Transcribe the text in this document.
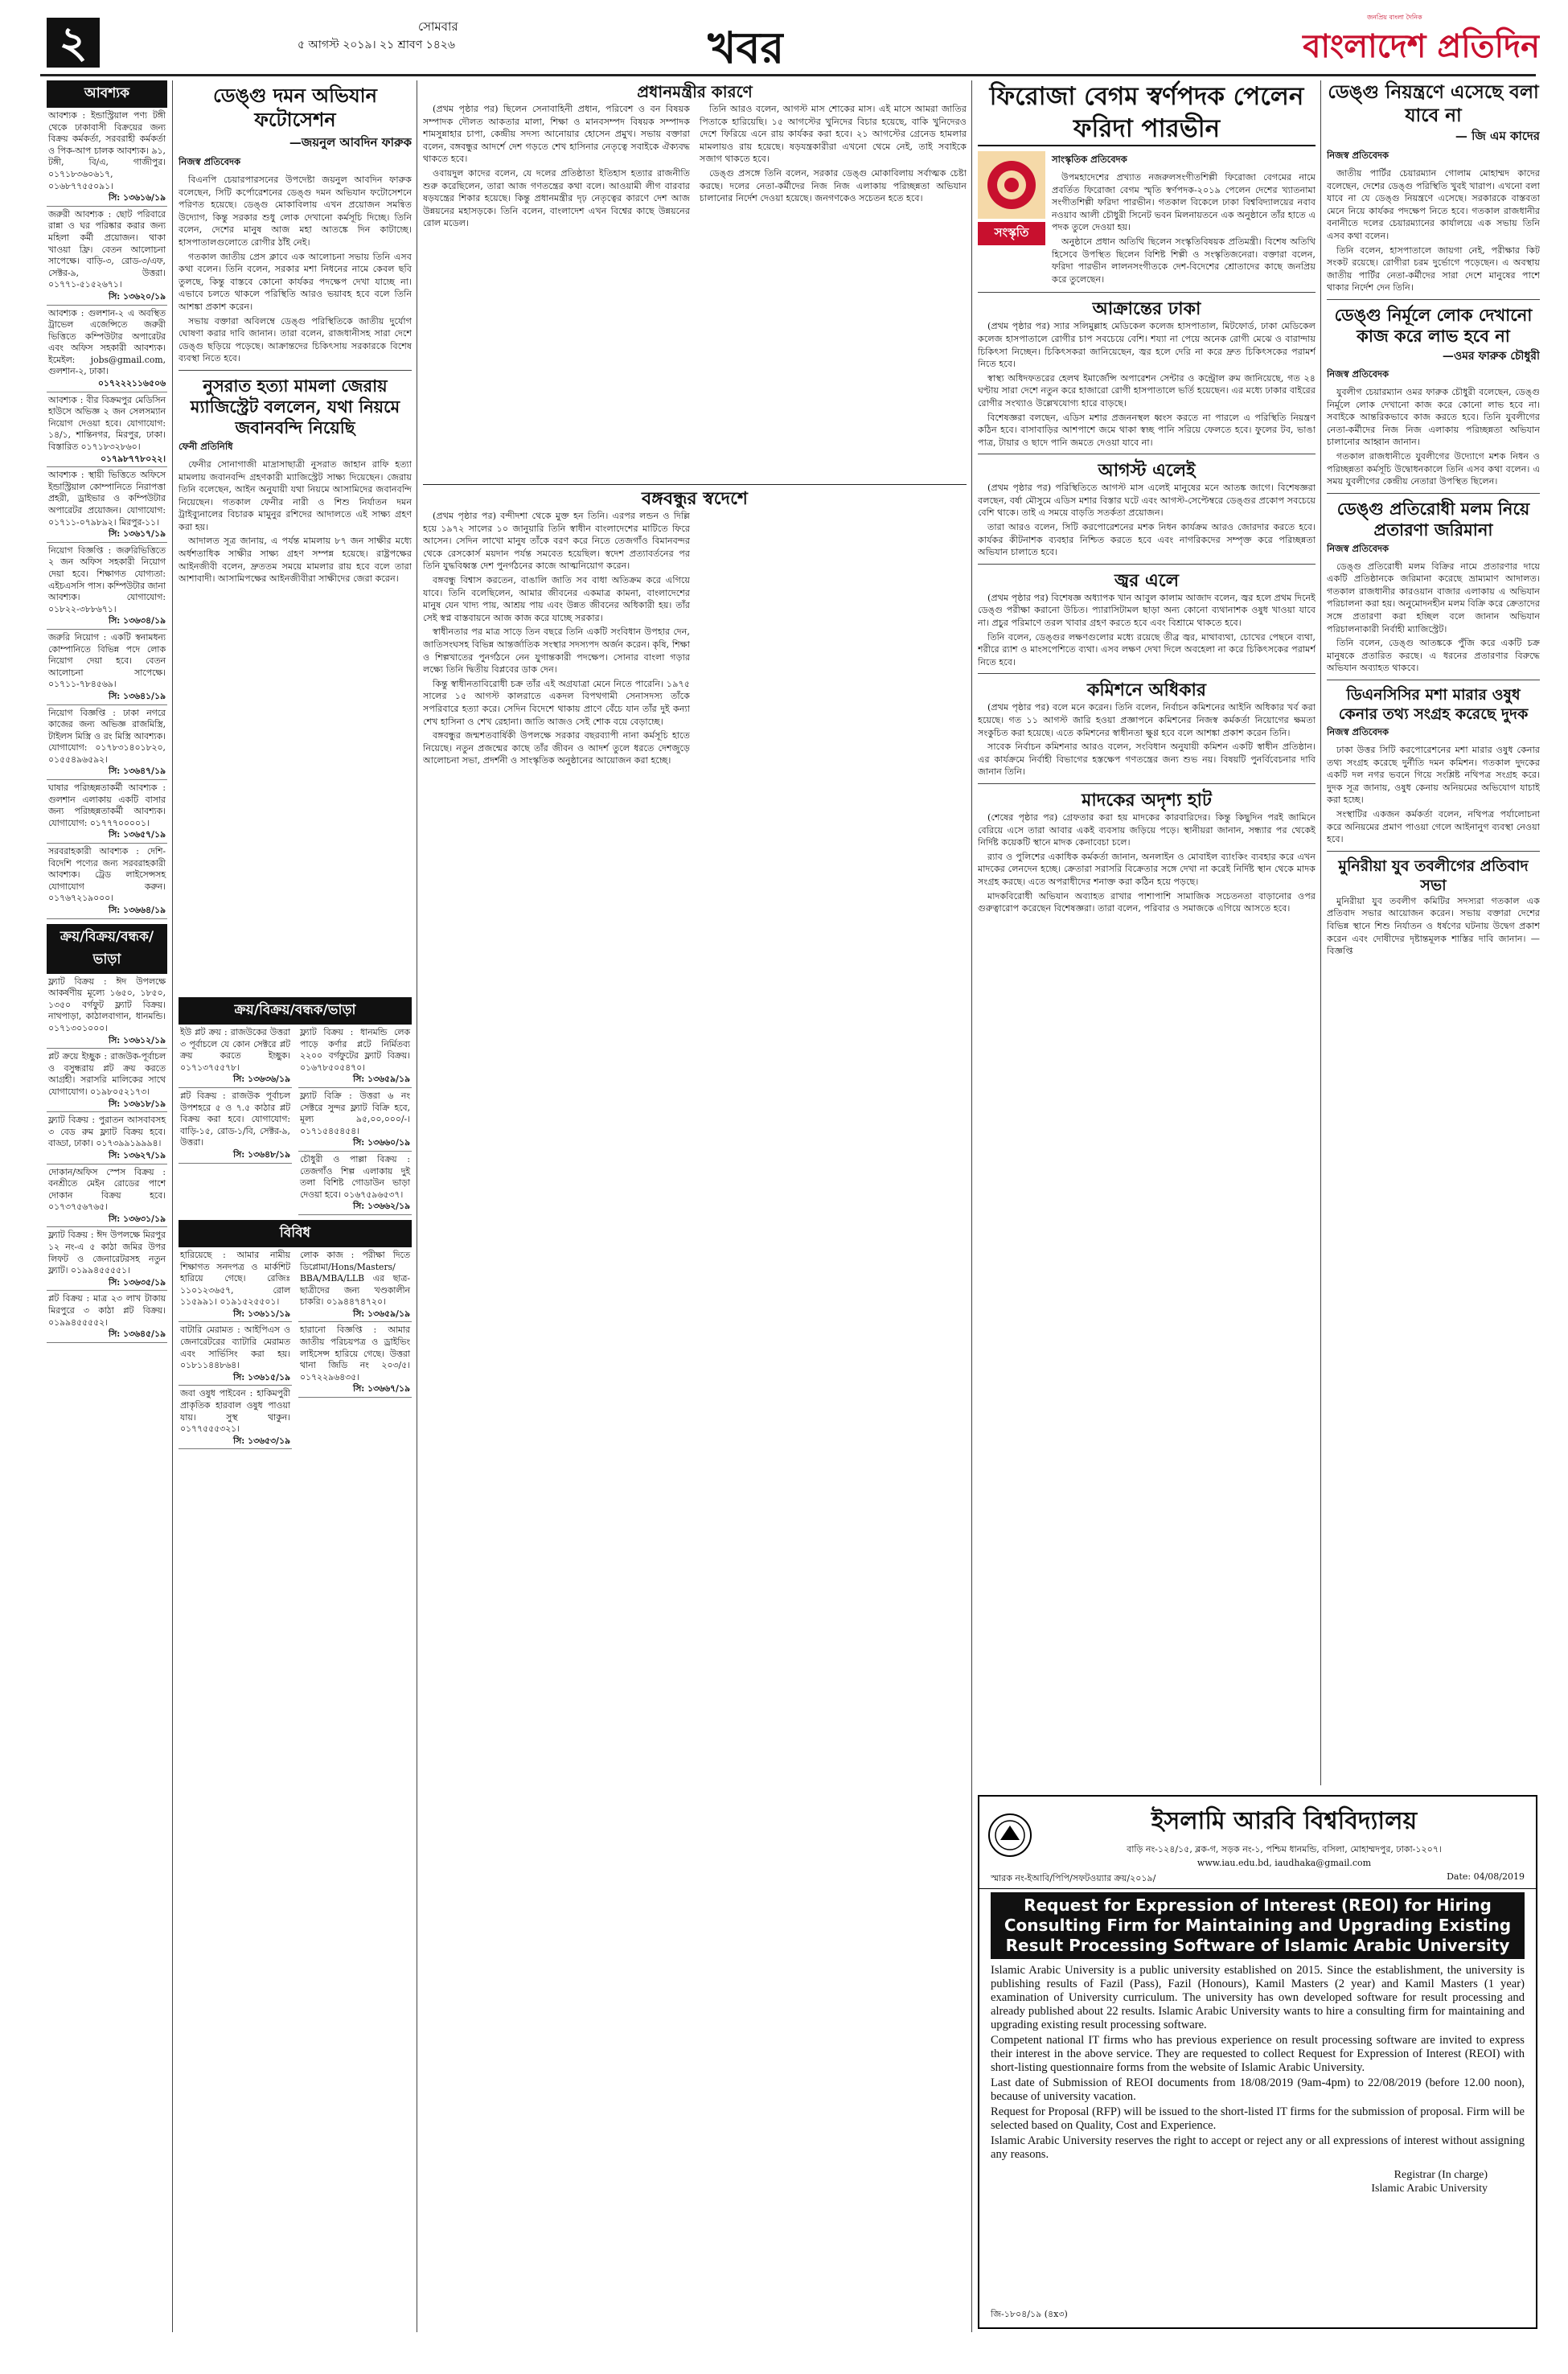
২	সোমবার
৫ আগস্ট ২০১৯। ২১ শ্রাবণ ১৪২৬	খবর
জনপ্রিয় বাংলা দৈনিক
বাংলাদেশ প্রতিদিন
আবশ্যক
আবশ্যক : ইন্ডাস্ট্রিয়াল পণ্য টঙ্গী থেকে ঢাকাবাসী বিক্রয়ের জন্য বিক্রয় কর্মকর্তা, সরবরাহী কর্মকর্তা ও পিক-আপ চালক আবশ্যক। ৯১, টঙ্গী, বি/এ, গাজীপুর। ০১৭১৮৩৬০৬১৭, ০১৬৮৭৭৫৫০৯১।
সি: ১৩৬১৬/১৯
জরুরী আবশ্যক : ছোট পরিবারে রান্না ও ঘর পরিষ্কার করার জন্য মহিলা কর্মী প্রয়োজন। থাকা খাওয়া ফ্রি। বেতন আলোচনা সাপেক্ষে। বাড়ি-৩, রোড-৩/এফ, সেক্টর-৯, উত্তরা। ০১৭৭১-৫১৫২৬৭১।
সি: ১৩৬২০/১৯
আবশ্যক : গুলশান-২ এ অবস্থিত ট্রাভেল এজেন্সিতে জরুরী ভিত্তিতে কম্পিউটার অপারেটর এবং অফিস সহকারী আবশ্যক। ইমেইল: jobs@gmail.com, গুলশান-২, ঢাকা।
০১৭২২২১১৬৫০৬
আবশ্যক : বীর বিক্রমপুর মেডিসিন হাউসে অভিজ্ঞ ২ জন সেলসম্যান নিয়োগ দেওয়া হবে। যোগাযোগ: ১৪/১, শান্তিনগর, মিরপুর, ঢাকা। বিস্তারিত ০১৭১৮৩২৮৬০।
০১৭৯৮৭৭৮০২২।
আবশ্যক : স্থায়ী ভিত্তিতে অফিসে ইন্ডাস্ট্রিয়াল কোম্পানিতে নিরাপত্তা প্রহরী, ড্রাইভার ও কম্পিউটার অপারেটর প্রয়োজন। যোগাযোগ: ০১৭১১-০৭৯৮৯২। মিরপুর-১১।
সি: ১৩৬১৭/১৯
নিয়োগ বিজ্ঞপ্তি : জরুরিভিত্তিতে ২ জন অফিস সহকারী নিয়োগ দেয়া হবে। শিক্ষাগত যোগ্যতা: এইচএসসি পাস। কম্পিউটার জানা আবশ্যক। যোগাযোগ: ০১৮২২-৩৮৮৬৭১।
সি: ১৩৬৩৪/১৯
জরুরি নিয়োগ : একটি স্বনামধন্য কোম্পানিতে বিভিন্ন পদে লোক নিয়োগ দেয়া হবে। বেতন আলোচনা সাপেক্ষে। ০১৭১১-৭৮৪৫৬৯।
সি: ১৩৬৪১/১৯
নিয়োগ বিজ্ঞপ্তি : ঢাকা নগরে কাজের জন্য অভিজ্ঞ রাজমিস্ত্রি, টাইলস মিস্ত্রি ও রং মিস্ত্রি আবশ্যক। যোগাযোগ: ০১৭৮৩১৪০১৮২০, ০১৫৫৪৯৬৫৯২।
সি: ১৩৬৪৭/১৯
ঘাষার পরিচ্ছন্নতাকর্মী আবশ্যক : গুলশান এলাকায় একটি বাসার জন্য পরিচ্ছন্নতাকর্মী আবশ্যক। যোগাযোগ: ০১৭৭৭০০০০১।
সি: ১৩৬৫৭/১৯
সরবরাহকারী আবশ্যক : দেশি-বিদেশি পণ্যের জন্য সরবরাহকারী আবশ্যক। ট্রেড লাইসেন্সসহ যোগাযোগ করুন। ০১৭৬৭২১৯০০০।
সি: ১৩৬৬৪/১৯
ক্রয়/বিক্রয়/বন্ধক/ভাড়া
ফ্ল্যাট বিক্রয় : ঈদ উপলক্ষে আকর্ষণীয় মূল্যে ১৬৫০, ১৮৫০, ১৩৫০ বর্গফুট ফ্ল্যাট বিক্রয়। নাথপাড়া, কাঠালবাগান, ধানমন্ডি। ০১৭১৩০১০০০।
সি: ১৩৬১২/১৯
প্লট ক্রয়ে ইচ্ছুক : রাজউক-পূর্বাচল ও বসুন্ধরায় প্লট ক্রয় করতে আগ্রহী। সরাসরি মালিকের সাথে যোগাযোগ। ০১৯৮০৫২১৭৩।
সি: ১৩৬১৮/১৯
ফ্ল্যাট বিক্রয় : পুরাতন আসবাবসহ ৩ বেড রুম ফ্ল্যাট বিক্রয় হবে। বাড্ডা, ঢাকা। ০১৭৩৯৯১৯৯৯৪।
সি: ১৩৬২৭/১৯
দোকান/অফিস স্পেস বিক্রয় : বনশ্রীতে মেইন রোডের পাশে দোকান বিক্রয় হবে। ০১৭৩৭৫৬৭৬৫।
সি: ১৩৬৩১/১৯
ফ্ল্যাট বিক্রয় : ঈদ উপলক্ষে মিরপুর ১২ নং-এ ৫ কাঠা জমির উপর লিফট ও জেনারেটরসহ নতুন ফ্ল্যাট। ০১৯৯৪৫৫৫৫১।
সি: ১৩৬৩৫/১৯
প্লট বিক্রয় : মাত্র ২৩ লাখ টাকায় মিরপুরে ৩ কাঠা প্লট বিক্রয়। ০১৯৯৪৫৫৫৫২।
সি: ১৩৬৪৫/১৯
ডেঙ্গু দমন অভিযান ফটোসেশন
—জয়নুল আবদিন ফারুক
নিজস্ব প্রতিবেদক

বিএনপি চেয়ারপারসনের উপদেষ্টা জয়নুল আবদিন ফারুক বলেছেন, সিটি কর্পোরেশনের ডেঙ্গু দমন অভিযান ফটোসেশনে পরিণত হয়েছে। ডেঙ্গু মোকাবিলায় এখন প্রয়োজন সমন্বিত উদ্যোগ, কিন্তু সরকার শুধু লোক দেখানো কর্মসূচি দিচ্ছে। তিনি বলেন, দেশের মানুষ আজ মহা আতঙ্কে দিন কাটাচ্ছে। হাসপাতালগুলোতে রোগীর ঠাঁই নেই।

গতকাল জাতীয় প্রেস ক্লাবে এক আলোচনা সভায় তিনি এসব কথা বলেন। তিনি বলেন, সরকার মশা নিধনের নামে কেবল ছবি তুলছে, কিন্তু বাস্তবে কোনো কার্যকর পদক্ষেপ দেখা যাচ্ছে না। এভাবে চলতে থাকলে পরিস্থিতি আরও ভয়াবহ হবে বলে তিনি আশঙ্কা প্রকাশ করেন।

সভায় বক্তারা অবিলম্বে ডেঙ্গু পরিস্থিতিকে জাতীয় দুর্যোগ ঘোষণা করার দাবি জানান। তারা বলেন, রাজধানীসহ সারা দেশে ডেঙ্গু ছড়িয়ে পড়েছে। আক্রান্তদের চিকিৎসায় সরকারকে বিশেষ ব্যবস্থা নিতে হবে।

নুসরাত হত্যা মামলা জেরায় ম্যাজিস্ট্রেট বললেন, যথা নিয়মে জবানবন্দি নিয়েছি
ফেনী প্রতিনিধি

ফেনীর সোনাগাজী মাদ্রাসাছাত্রী নুসরাত জাহান রাফি হত্যা মামলায় জবানবন্দি গ্রহণকারী ম্যাজিস্ট্রেট সাক্ষ্য দিয়েছেন। জেরায় তিনি বলেছেন, আইন অনুযায়ী যথা নিয়মে আসামিদের জবানবন্দি নিয়েছেন। গতকাল ফেনীর নারী ও শিশু নির্যাতন দমন ট্রাইব্যুনালের বিচারক মামুনুর রশিদের আদালতে এই সাক্ষ্য গ্রহণ করা হয়।

আদালত সূত্র জানায়, এ পর্যন্ত মামলায় ৮৭ জন সাক্ষীর মধ্যে অর্ধশতাধিক সাক্ষীর সাক্ষ্য গ্রহণ সম্পন্ন হয়েছে। রাষ্ট্রপক্ষের আইনজীবী বলেন, দ্রুততম সময়ে মামলার রায় হবে বলে তারা আশাবাদী। আসামিপক্ষের আইনজীবীরা সাক্ষীদের জেরা করেন।

ক্রয়/বিক্রয়/বন্ধক/ভাড়া
ইউ প্লট ক্রয় : রাজউকের উত্তরা ৩ পূর্বাচলে যে কোন সেক্টরে প্লট ক্রয় করতে ইচ্ছুক। ০১৭১৩৭৫৫৭৮।
সি: ১৩৬৩৬/১৯
প্লট বিক্রয় : রাজউক পূর্বাচল উপশহরে ৫ ও ৭.৫ কাঠার প্লট বিক্রয় করা হবে। যোগাযোগ: বাড়ি-১৫, রোড-১/বি, সেক্টর-৯, উত্তরা।
সি: ১৩৬৪৮/১৯
ফ্ল্যাট বিক্রয় : ধানমন্ডি লেক পাড়ে কর্ণার প্লটে নির্মিতব্য ২২০০ বর্গফুটের ফ্ল্যাট বিক্রয়। ০১৬৭৮৫০৫৪৭০।
সি: ১৩৬৫৯/১৯
ফ্ল্যাট বিক্রি : উত্তরা ৬ নং সেক্টরে সুন্দর ফ্ল্যাট বিক্রি হবে, মূল্য ৯৫,০০,০০০/-। ০১৭১৫৪৫৪৫৪।
সি: ১৩৬৬০/১৯
চৌধুরী ও পাল্লা বিক্রয় : তেজগাঁও শিল্প এলাকায় দুই তলা বিশিষ্ট গোডাউন ভাড়া দেওয়া হবে। ০১৬৭৫৯৬৫৩৭।
সি: ১৩৬৬২/১৯
বিবিধ
হারিয়েছে : আমার নামীয় শিক্ষাগত সনদপত্র ও মার্কশিট হারিয়ে গেছে। রেজিঃ ১১০১২৩৬৫৭, রোল ১১৫৯৯১। ০১৯১৫২৫৫০১।
সি: ১৩৬১১/১৯
বাটারি মেরামত : আইপিএস ও জেনারেটরের ব্যাটারি মেরামত এবং সার্ভিসিং করা হয়। ০১৮১১৪৪৮৬৪।
সি: ১৩৬১৫/১৯
জবা ওষুধ পাইবেন : হাকিমপুরী প্রাকৃতিক হারবাল ওষুধ পাওয়া যায়। সুস্থ থাকুন। ০১৭৭৫৫৫৩২১।
সি: ১৩৬৫৩/১৯
লোক কাজ : পরীক্ষা দিতে ডিপ্লোমা/Hons/Masters/ BBA/MBA/LLB এর ছাত্র-ছাত্রীদের জন্য খণ্ডকালীন চাকরি। ০১৯৪৪৭৪৭২০।
সি: ১৩৬৫৯/১৯
হারানো বিজ্ঞপ্তি : আমার জাতীয় পরিচয়পত্র ও ড্রাইভিং লাইসেন্স হারিয়ে গেছে। উত্তরা থানা জিডি নং ২০৩/৫। ০১৭২২৯৬৪৩৫।
সি: ১৩৬৬৭/১৯
প্রধানমন্ত্রীর কারণে

(প্রথম পৃষ্ঠার পর) ছিলেন সেনাবাহিনী প্রধান, পরিবেশ ও বন বিষয়ক সম্পাদক দৌলত আকতার মালা, শিক্ষা ও মানবসম্পদ বিষয়ক সম্পাদক শামসুন্নাহার চাপা, কেন্দ্রীয় সদস্য আনোয়ার হোসেন প্রমুখ। সভায় বক্তারা বলেন, বঙ্গবন্ধুর আদর্শে দেশ গড়তে শেখ হাসিনার নেতৃত্বে সবাইকে ঐক্যবদ্ধ থাকতে হবে।

ওবায়দুল কাদের বলেন, যে দলের প্রতিষ্ঠাতা ইতিহাস হত্যার রাজনীতি শুরু করেছিলেন, তারা আজ গণতন্ত্রের কথা বলে। আওয়ামী লীগ বারবার ষড়যন্ত্রের শিকার হয়েছে। কিন্তু প্রধানমন্ত্রীর দৃঢ় নেতৃত্বের কারণে দেশ আজ উন্নয়নের মহাসড়কে। তিনি বলেন, বাংলাদেশ এখন বিশ্বের কাছে উন্নয়নের রোল মডেল।

তিনি আরও বলেন, আগস্ট মাস শোকের মাস। এই মাসে আমরা জাতির পিতাকে হারিয়েছি। ১৫ আগস্টের খুনিদের বিচার হয়েছে, বাকি খুনিদেরও দেশে ফিরিয়ে এনে রায় কার্যকর করা হবে। ২১ আগস্টের গ্রেনেড হামলার মামলায়ও রায় হয়েছে। ষড়যন্ত্রকারীরা এখনো থেমে নেই, তাই সবাইকে সজাগ থাকতে হবে।

ডেঙ্গু প্রসঙ্গে তিনি বলেন, সরকার ডেঙ্গু মোকাবিলায় সর্বাত্মক চেষ্টা করছে। দলের নেতা-কর্মীদের নিজ নিজ এলাকায় পরিচ্ছন্নতা অভিযান চালানোর নির্দেশ দেওয়া হয়েছে। জনগণকেও সচেতন হতে হবে।

বঙ্গবন্ধুর স্বদেশে

(প্রথম পৃষ্ঠার পর) বন্দীদশা থেকে মুক্ত হন তিনি। এরপর লন্ডন ও দিল্লি হয়ে ১৯৭২ সালের ১০ জানুয়ারি তিনি স্বাধীন বাংলাদেশের মাটিতে ফিরে আসেন। সেদিন লাখো মানুষ তাঁকে বরণ করে নিতে তেজগাঁও বিমানবন্দর থেকে রেসকোর্স ময়দান পর্যন্ত সমবেত হয়েছিল। স্বদেশ প্রত্যাবর্তনের পর তিনি যুদ্ধবিধ্বস্ত দেশ পুনর্গঠনের কাজে আত্মনিয়োগ করেন।

বঙ্গবন্ধু বিশ্বাস করতেন, বাঙালি জাতি সব বাধা অতিক্রম করে এগিয়ে যাবে। তিনি বলেছিলেন, আমার জীবনের একমাত্র কামনা, বাংলাদেশের মানুষ যেন খাদ্য পায়, আশ্রয় পায় এবং উন্নত জীবনের অধিকারী হয়। তাঁর সেই স্বপ্ন বাস্তবায়নে আজ কাজ করে যাচ্ছে সরকার।

স্বাধীনতার পর মাত্র সাড়ে তিন বছরে তিনি একটি সংবিধান উপহার দেন, জাতিসংঘসহ বিভিন্ন আন্তর্জাতিক সংস্থার সদস্যপদ অর্জন করেন। কৃষি, শিক্ষা ও শিল্পখাতের পুনর্গঠনে নেন যুগান্তকারী পদক্ষেপ। সোনার বাংলা গড়ার লক্ষ্যে তিনি দ্বিতীয় বিপ্লবের ডাক দেন।

কিন্তু স্বাধীনতাবিরোধী চক্র তাঁর এই অগ্রযাত্রা মেনে নিতে পারেনি। ১৯৭৫ সালের ১৫ আগস্ট কালরাতে একদল বিপথগামী সেনাসদস্য তাঁকে সপরিবারে হত্যা করে। সেদিন বিদেশে থাকায় প্রাণে বেঁচে যান তাঁর দুই কন্যা শেখ হাসিনা ও শেখ রেহানা। জাতি আজও সেই শোক বয়ে বেড়াচ্ছে।

বঙ্গবন্ধুর জন্মশতবার্ষিকী উপলক্ষে সরকার বছরব্যাপী নানা কর্মসূচি হাতে নিয়েছে। নতুন প্রজন্মের কাছে তাঁর জীবন ও আদর্শ তুলে ধরতে দেশজুড়ে আলোচনা সভা, প্রদর্শনী ও সাংস্কৃতিক অনুষ্ঠানের আয়োজন করা হচ্ছে।

ফিরোজা বেগম স্বর্ণপদক পেলেন ফরিদা পারভীন
সংস্কৃতি
সাংস্কৃতিক প্রতিবেদক

উপমহাদেশের প্রখ্যাত নজরুলসংগীতশিল্পী ফিরোজা বেগমের নামে প্রবর্তিত ফিরোজা বেগম স্মৃতি স্বর্ণপদক-২০১৯ পেলেন দেশের খ্যাতনামা সংগীতশিল্পী ফরিদা পারভীন। গতকাল বিকেলে ঢাকা বিশ্ববিদ্যালয়ের নবাব নওয়াব আলী চৌধুরী সিনেট ভবন মিলনায়তনে এক অনুষ্ঠানে তাঁর হাতে এ পদক তুলে দেওয়া হয়।

অনুষ্ঠানে প্রধান অতিথি ছিলেন সংস্কৃতিবিষয়ক প্রতিমন্ত্রী। বিশেষ অতিথি হিসেবে উপস্থিত ছিলেন বিশিষ্ট শিল্পী ও সংস্কৃতিজনেরা। বক্তারা বলেন, ফরিদা পারভীন লালনসংগীতকে দেশ-বিদেশের শ্রোতাদের কাছে জনপ্রিয় করে তুলেছেন।

আক্রান্তের ঢাকা

(প্রথম পৃষ্ঠার পর) স্যার সলিমুল্লাহ মেডিকেল কলেজ হাসপাতাল, মিটফোর্ড, ঢাকা মেডিকেল কলেজ হাসপাতালে রোগীর চাপ সবচেয়ে বেশি। শয্যা না পেয়ে অনেক রোগী মেঝে ও বারান্দায় চিকিৎসা নিচ্ছেন। চিকিৎসকরা জানিয়েছেন, জ্বর হলে দেরি না করে দ্রুত চিকিৎসকের পরামর্শ নিতে হবে।

স্বাস্থ্য অধিদফতরের হেলথ ইমার্জেন্সি অপারেশন সেন্টার ও কন্ট্রোল রুম জানিয়েছে, গত ২৪ ঘণ্টায় সারা দেশে নতুন করে হাজারো রোগী হাসপাতালে ভর্তি হয়েছেন। এর মধ্যে ঢাকার বাইরের রোগীর সংখ্যাও উল্লেখযোগ্য হারে বাড়ছে।

বিশেষজ্ঞরা বলছেন, এডিস মশার প্রজননস্থল ধ্বংস করতে না পারলে এ পরিস্থিতি নিয়ন্ত্রণ কঠিন হবে। বাসাবাড়ির আশপাশে জমে থাকা স্বচ্ছ পানি সরিয়ে ফেলতে হবে। ফুলের টব, ভাঙা পাত্র, টায়ার ও ছাদে পানি জমতে দেওয়া যাবে না।

আগস্ট এলেই

(প্রথম পৃষ্ঠার পর) পরিস্থিতিতে আগস্ট মাস এলেই মানুষের মনে আতঙ্ক জাগে। বিশেষজ্ঞরা বলছেন, বর্ষা মৌসুমে এডিস মশার বিস্তার ঘটে এবং আগস্ট-সেপ্টেম্বরে ডেঙ্গুর প্রকোপ সবচেয়ে বেশি থাকে। তাই এ সময়ে বাড়তি সতর্কতা প্রয়োজন।

তারা আরও বলেন, সিটি করপোরেশনের মশক নিধন কার্যক্রম আরও জোরদার করতে হবে। কার্যকর কীটনাশক ব্যবহার নিশ্চিত করতে হবে এবং নাগরিকদের সম্পৃক্ত করে পরিচ্ছন্নতা অভিযান চালাতে হবে।

জ্বর এলে

(প্রথম পৃষ্ঠার পর) বিশেষজ্ঞ অধ্যাপক খান আবুল কালাম আজাদ বলেন, জ্বর হলে প্রথম দিনেই ডেঙ্গু পরীক্ষা করানো উচিত। প্যারাসিটামল ছাড়া অন্য কোনো ব্যথানাশক ওষুধ খাওয়া যাবে না। প্রচুর পরিমাণে তরল খাবার গ্রহণ করতে হবে এবং বিশ্রামে থাকতে হবে।

তিনি বলেন, ডেঙ্গুর লক্ষণগুলোর মধ্যে রয়েছে তীব্র জ্বর, মাথাব্যথা, চোখের পেছনে ব্যথা, শরীরে র‍্যাশ ও মাংসপেশিতে ব্যথা। এসব লক্ষণ দেখা দিলে অবহেলা না করে চিকিৎসকের পরামর্শ নিতে হবে।

কমিশনে অধিকার

(প্রথম পৃষ্ঠার পর) বলে মনে করেন। তিনি বলেন, নির্বাচন কমিশনের আইনি অধিকার খর্ব করা হয়েছে। গত ১১ আগস্ট জারি হওয়া প্রজ্ঞাপনে কমিশনের নিজস্ব কর্মকর্তা নিয়োগের ক্ষমতা সংকুচিত করা হয়েছে। এতে কমিশনের স্বাধীনতা ক্ষুণ্ণ হবে বলে আশঙ্কা প্রকাশ করেন তিনি।

সাবেক নির্বাচন কমিশনার আরও বলেন, সংবিধান অনুযায়ী কমিশন একটি স্বাধীন প্রতিষ্ঠান। এর কার্যক্রমে নির্বাহী বিভাগের হস্তক্ষেপ গণতন্ত্রের জন্য শুভ নয়। বিষয়টি পুনর্বিবেচনার দাবি জানান তিনি।

মাদকের অদৃশ্য হাট

(শেষের পৃষ্ঠার পর) গ্রেফতার করা হয় মাদকের কারবারিদের। কিন্তু কিছুদিন পরই জামিনে বেরিয়ে এসে তারা আবার একই ব্যবসায় জড়িয়ে পড়ে। স্থানীয়রা জানান, সন্ধ্যার পর থেকেই নির্দিষ্ট কয়েকটি স্থানে মাদক কেনাবেচা চলে।

র‍্যাব ও পুলিশের একাধিক কর্মকর্তা জানান, অনলাইন ও মোবাইল ব্যাংকিং ব্যবহার করে এখন মাদকের লেনদেন হচ্ছে। ক্রেতারা সরাসরি বিক্রেতার সঙ্গে দেখা না করেই নির্দিষ্ট স্থান থেকে মাদক সংগ্রহ করছে। এতে অপরাধীদের শনাক্ত করা কঠিন হয়ে পড়ছে।

মাদকবিরোধী অভিযান অব্যাহত রাখার পাশাপাশি সামাজিক সচেতনতা বাড়ানোর ওপর গুরুত্বারোপ করেছেন বিশেষজ্ঞরা। তারা বলেন, পরিবার ও সমাজকে এগিয়ে আসতে হবে।

ডেঙ্গু নিয়ন্ত্রণে এসেছে বলা যাবে না
— জি এম কাদের
নিজস্ব প্রতিবেদক

জাতীয় পার্টির চেয়ারম্যান গোলাম মোহাম্মদ কাদের বলেছেন, দেশের ডেঙ্গু পরিস্থিতি খুবই খারাপ। এখনো বলা যাবে না যে ডেঙ্গু নিয়ন্ত্রণে এসেছে। সরকারকে বাস্তবতা মেনে নিয়ে কার্যকর পদক্ষেপ নিতে হবে। গতকাল রাজধানীর বনানীতে দলের চেয়ারম্যানের কার্যালয়ে এক সভায় তিনি এসব কথা বলেন।

তিনি বলেন, হাসপাতালে জায়গা নেই, পরীক্ষার কিট সংকট রয়েছে। রোগীরা চরম দুর্ভোগে পড়েছেন। এ অবস্থায় জাতীয় পার্টির নেতা-কর্মীদের সারা দেশে মানুষের পাশে থাকার নির্দেশ দেন তিনি।

ডেঙ্গু নির্মূলে লোক দেখানো কাজ করে লাভ হবে না
—ওমর ফারুক চৌধুরী
নিজস্ব প্রতিবেদক

যুবলীগ চেয়ারম্যান ওমর ফারুক চৌধুরী বলেছেন, ডেঙ্গু নির্মূলে লোক দেখানো কাজ করে কোনো লাভ হবে না। সবাইকে আন্তরিকভাবে কাজ করতে হবে। তিনি যুবলীগের নেতা-কর্মীদের নিজ নিজ এলাকায় পরিচ্ছন্নতা অভিযান চালানোর আহ্বান জানান।

গতকাল রাজধানীতে যুবলীগের উদ্যোগে মশক নিধন ও পরিচ্ছন্নতা কর্মসূচি উদ্বোধনকালে তিনি এসব কথা বলেন। এ সময় যুবলীগের কেন্দ্রীয় নেতারা উপস্থিত ছিলেন।

ডেঙ্গু প্রতিরোধী মলম নিয়ে প্রতারণা জরিমানা
নিজস্ব প্রতিবেদক

ডেঙ্গু প্রতিরোধী মলম বিক্রির নামে প্রতারণার দায়ে একটি প্রতিষ্ঠানকে জরিমানা করেছে ভ্রাম্যমাণ আদালত। গতকাল রাজধানীর কারওয়ান বাজার এলাকায় এ অভিযান পরিচালনা করা হয়। অনুমোদনহীন মলম বিক্রি করে ক্রেতাদের সঙ্গে প্রতারণা করা হচ্ছিল বলে জানান অভিযান পরিচালনাকারী নির্বাহী ম্যাজিস্ট্রেট।

তিনি বলেন, ডেঙ্গু আতঙ্ককে পুঁজি করে একটি চক্র মানুষকে প্রতারিত করছে। এ ধরনের প্রতারণার বিরুদ্ধে অভিযান অব্যাহত থাকবে।

ডিএনসিসির মশা মারার ওষুধ কেনার তথ্য সংগ্রহ করেছে দুদক
নিজস্ব প্রতিবেদক

ঢাকা উত্তর সিটি করপোরেশনের মশা মারার ওষুধ কেনার তথ্য সংগ্রহ করেছে দুর্নীতি দমন কমিশন। গতকাল দুদকের একটি দল নগর ভবনে গিয়ে সংশ্লিষ্ট নথিপত্র সংগ্রহ করে। দুদক সূত্র জানায়, ওষুধ কেনায় অনিয়মের অভিযোগ যাচাই করা হচ্ছে।

সংস্থাটির একজন কর্মকর্তা বলেন, নথিপত্র পর্যালোচনা করে অনিয়মের প্রমাণ পাওয়া গেলে আইনানুগ ব্যবস্থা নেওয়া হবে।

মুনিরীয়া যুব তবলীগের প্রতিবাদ সভা

মুনিরীয়া যুব তবলীগ কমিটির সদস্যরা গতকাল এক প্রতিবাদ সভার আয়োজন করেন। সভায় বক্তারা দেশের বিভিন্ন স্থানে শিশু নির্যাতন ও ধর্ষণের ঘটনায় উদ্বেগ প্রকাশ করেন এবং দোষীদের দৃষ্টান্তমূলক শাস্তির দাবি জানান। — বিজ্ঞপ্তি

ইসলামি আরবি বিশ্ববিদ্যালয়
বাড়ি নং-১২৪/১৫, ব্লক-গ, সড়ক নং-১, পশ্চিম ধানমন্ডি, বসিলা, মোহাম্মদপুর, ঢাকা-১২০৭।
www.iau.edu.bd, iaudhaka@gmail.com
স্মারক নং-ইআবি/পিপি/সফটওয়্যার ক্রয়/২০১৯/	Date: 04/08/2019
Request for Expression of Interest (REOI) for Hiring Consulting Firm for Maintaining and Upgrading Existing Result Processing Software of Islamic Arabic University

Islamic Arabic University is a public university established on 2015. Since the establishment, the university is publishing results of Fazil (Pass), Fazil (Honours), Kamil Masters (2 year) and Kamil Masters (1 year) examination of University curriculum. The university has own developed software for result processing and already published about 22 results. Islamic Arabic University wants to hire a consulting firm for maintaining and upgrading existing result processing software.

Competent national IT firms who has previous experience on result processing software are invited to express their interest in the above service. They are requested to collect Request for Expression of Interest (REOI) with short-listing questionnaire forms from the website of Islamic Arabic University.

Last date of Submission of REOI documents from 18/08/2019 (9am-4pm) to 22/08/2019 (before 12.00 noon), because of university vacation.

Request for Proposal (RFP) will be issued to the short-listed IT firms for the submission of proposal. Firm will be selected based on Quality, Cost and Experience.

Islamic Arabic University reserves the right to accept or reject any or all expressions of interest without assigning any reasons.

Registrar (In charge)
Islamic Arabic University
জি-১৮০৪/১৯ (৪x৩)
